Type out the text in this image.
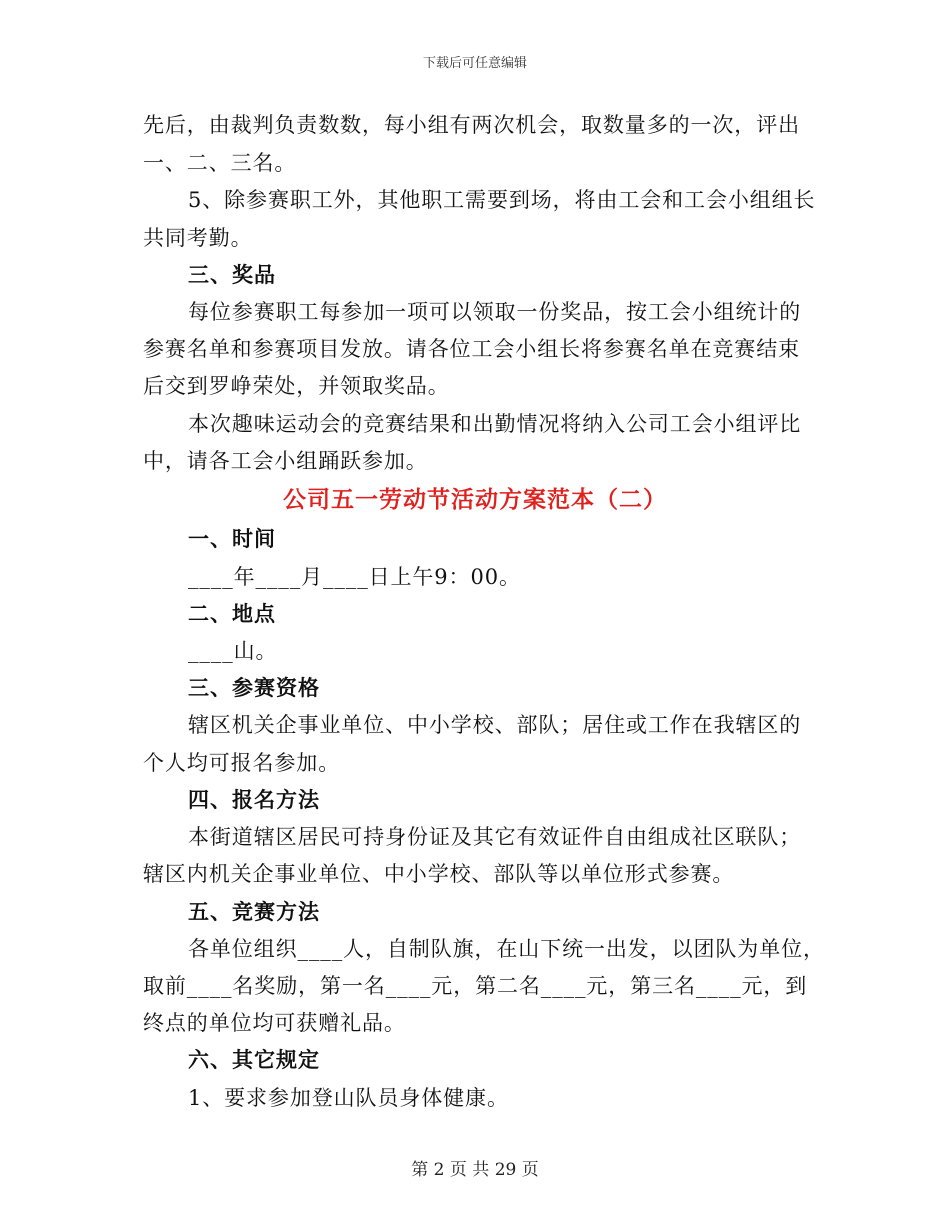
下载后可任意编辑
先后，由裁判负责数数，每小组有两次机会，取数量多的一次，评出
一、二、三名。
5、除参赛职工外，其他职工需要到场，将由工会和工会小组组长
共同考勤。
三、奖品
每位参赛职工每参加一项可以领取一份奖品，按工会小组统计的
参赛名单和参赛项目发放。请各位工会小组长将参赛名单在竞赛结束
后交到罗峥荣处，并领取奖品。
本次趣味运动会的竞赛结果和出勤情况将纳入公司工会小组评比
中，请各工会小组踊跃参加。
公司五一劳动节活动方案范本（二）
一、时间
____年____月____日上午9：00。
二、地点
____山。
三、参赛资格
辖区机关企事业单位、中小学校、部队；居住或工作在我辖区的
个人均可报名参加。
四、报名方法
本街道辖区居民可持身份证及其它有效证件自由组成社区联队；
辖区内机关企事业单位、中小学校、部队等以单位形式参赛。
五、竞赛方法
各单位组织____人，自制队旗，在山下统一出发，以团队为单位，
取前____名奖励，第一名____元，第二名____元，第三名____元，到
终点的单位均可获赠礼品。
六、其它规定
1、要求参加登山队员身体健康。
第 2 页 共 29 页
